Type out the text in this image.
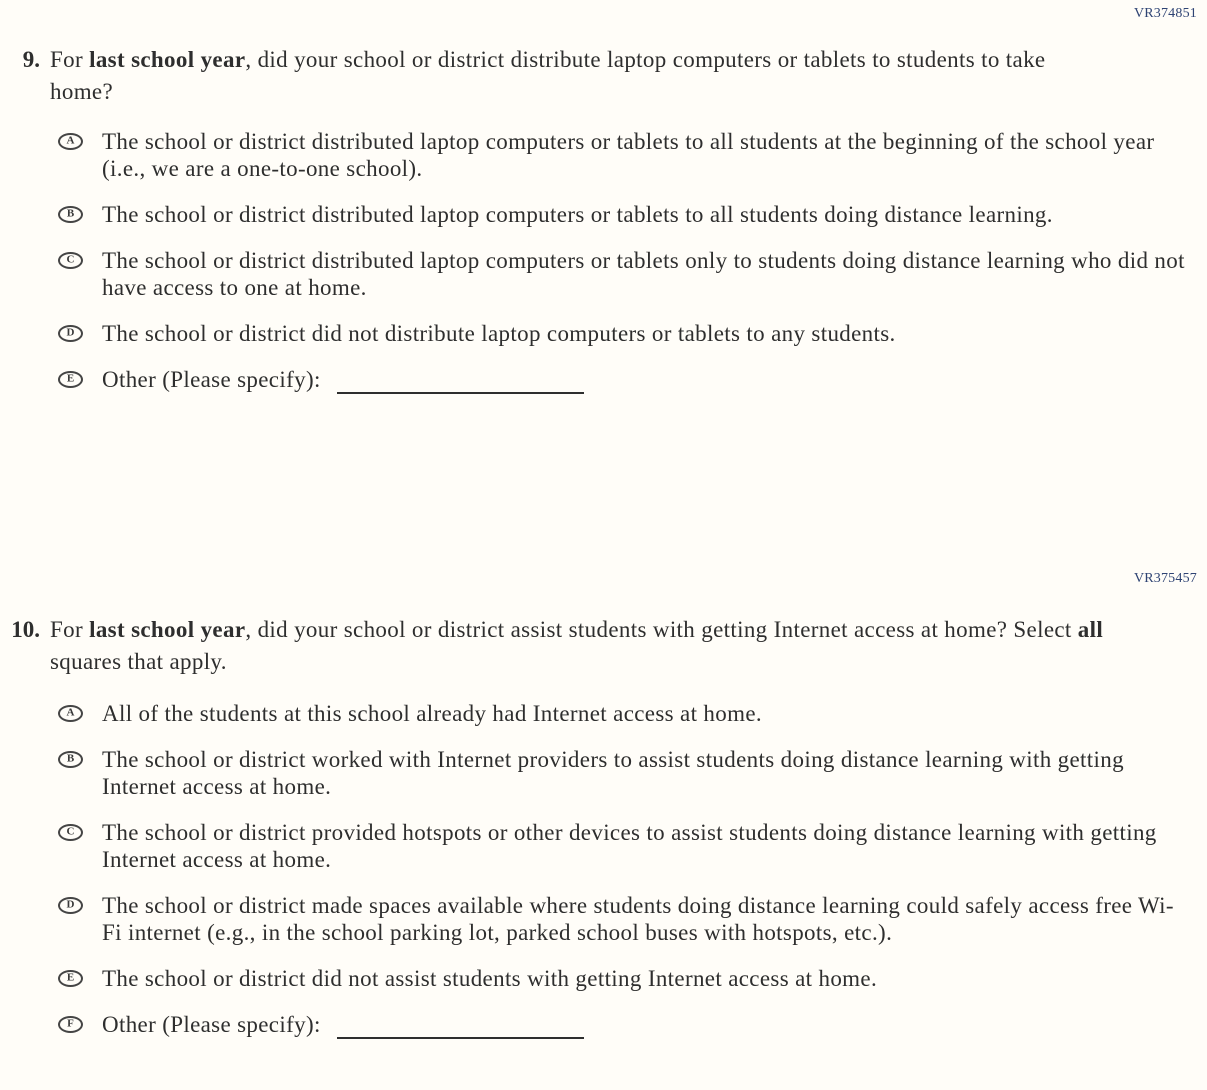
VR374851
9. For last school year, did your school or district distribute laptop computers or tablets to students to take home?
A The school or district distributed laptop computers or tablets to all students at the beginning of the school year (i.e., we are a one-to-one school).
B The school or district distributed laptop computers or tablets to all students doing distance learning.
C The school or district distributed laptop computers or tablets only to students doing distance learning who did not have access to one at home.
D The school or district did not distribute laptop computers or tablets to any students.
E Other (Please specify):
VR375457
10. For last school year, did your school or district assist students with getting Internet access at home? Select all squares that apply.
A All of the students at this school already had Internet access at home.
B The school or district worked with Internet providers to assist students doing distance learning with getting Internet access at home.
C The school or district provided hotspots or other devices to assist students doing distance learning with getting Internet access at home.
D The school or district made spaces available where students doing distance learning could safely access free Wi-Fi internet (e.g., in the school parking lot, parked school buses with hotspots, etc.).
E The school or district did not assist students with getting Internet access at home.
F Other (Please specify):
